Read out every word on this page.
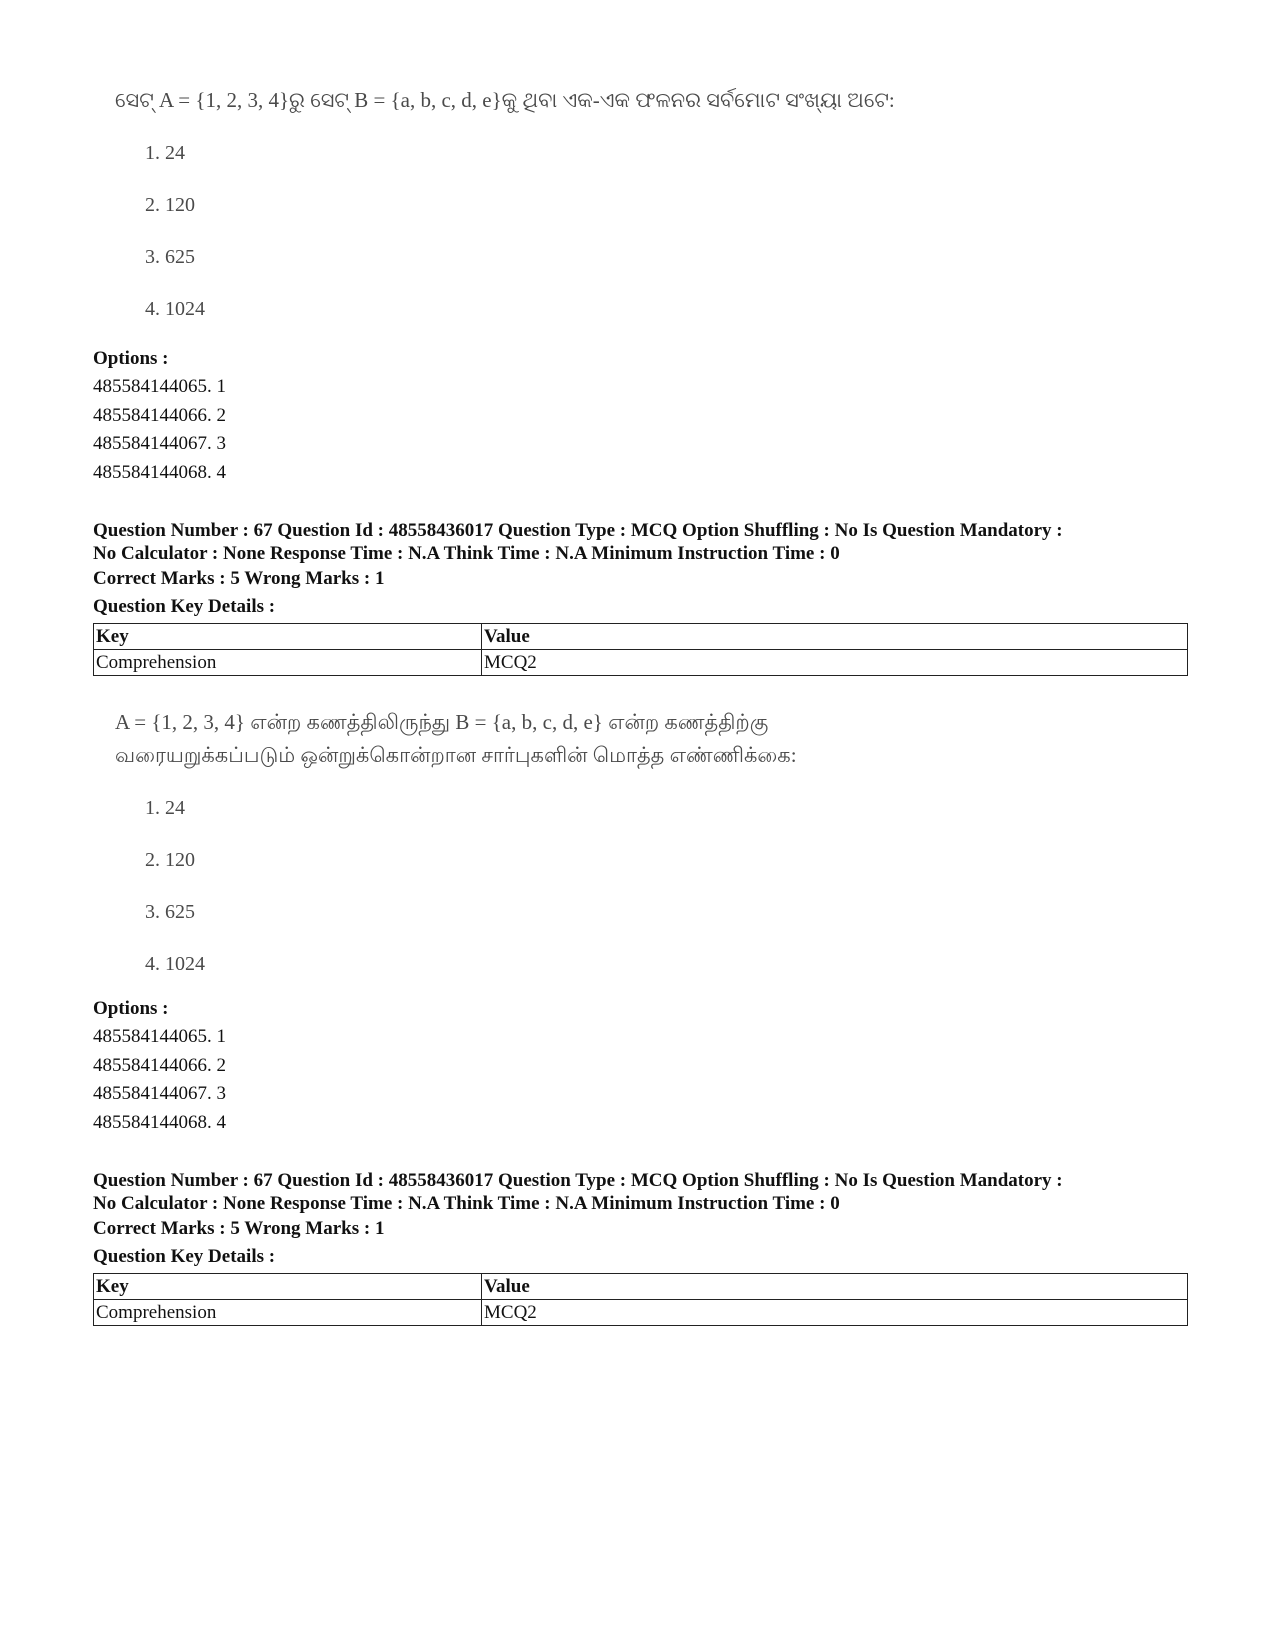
ସେଟ୍ A = {1, 2, 3, 4}ରୁ ସେଟ୍ B = {a, b, c, d, e}କୁ ଥିବା ଏକ-ଏକ ଫଳନର ସର୍ବମୋଟ ସଂଖ୍ୟା ଅଟେ:
1. 24
2. 120
3. 625
4. 1024
Options :
485584144065. 1
485584144066. 2
485584144067. 3
485584144068. 4
Question Number : 67 Question Id : 48558436017 Question Type : MCQ Option Shuffling : No Is Question Mandatory :
No Calculator : None Response Time : N.A Think Time : N.A Minimum Instruction Time : 0
Correct Marks : 5 Wrong Marks : 1
Question Key Details :
Key	Value
Comprehension	MCQ2
A = {1, 2, 3, 4} என்ற கணத்திலிருந்து B = {a, b, c, d, e} என்ற கணத்திற்கு
வரையறுக்கப்படும் ஒன்றுக்கொன்றான சார்புகளின் மொத்த எண்ணிக்கை:
1. 24
2. 120
3. 625
4. 1024
Options :
485584144065. 1
485584144066. 2
485584144067. 3
485584144068. 4
Question Number : 67 Question Id : 48558436017 Question Type : MCQ Option Shuffling : No Is Question Mandatory :
No Calculator : None Response Time : N.A Think Time : N.A Minimum Instruction Time : 0
Correct Marks : 5 Wrong Marks : 1
Question Key Details :
Key	Value
Comprehension	MCQ2
